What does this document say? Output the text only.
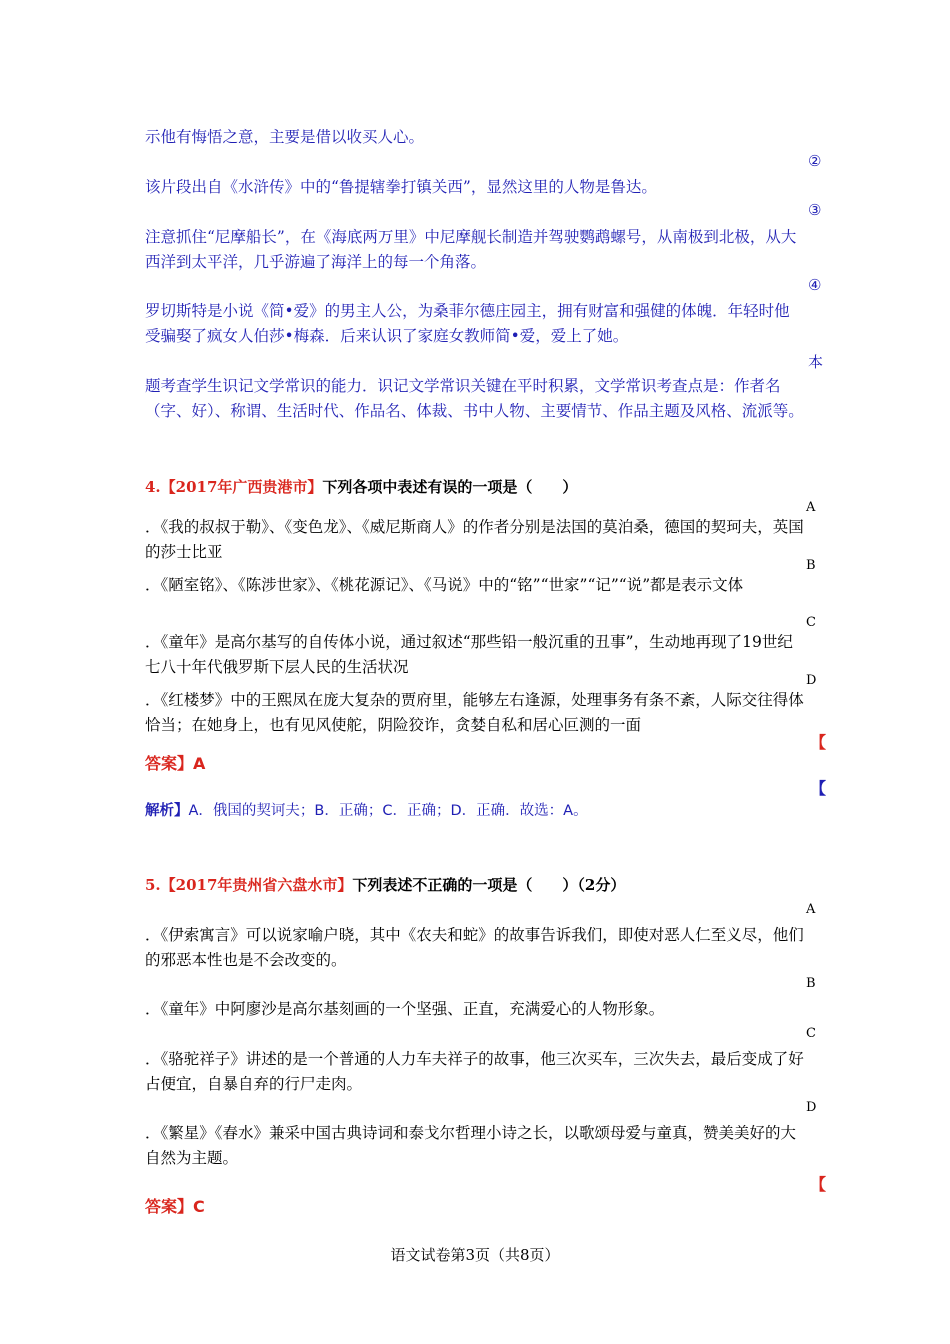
示他有悔悟之意，主要是借以收买人心。
②
该片段出自《水浒传》中的“鲁提辖拳打镇关西”，显然这里的人物是鲁达。
③
注意抓住“尼摩船长”，在《海底两万里》中尼摩舰长制造并驾驶鹦鹉螺号，从南极到北极，从大西洋到太平洋，几乎游遍了海洋上的每一个角落。
④
罗切斯特是小说《简•爱》的男主人公，为桑菲尔德庄园主，拥有财富和强健的体魄．年轻时他受骗娶了疯女人伯莎•梅森．后来认识了家庭女教师简•爱，爱上了她。
本
题考查学生识记文学常识的能力．识记文学常识关键在平时积累，文学常识考查点是：作者名（字、好）、称谓、生活时代、作品名、体裁、书中人物、主要情节、作品主题及风格、流派等。
4.【2017年广西贵港市】下列各项中表述有误的一项是（　　）
A
．《我的叔叔于勒》、《变色龙》、《威尼斯商人》的作者分别是法国的莫泊桑，德国的契珂夫，英国的莎士比亚
B
．《陋室铭》、《陈涉世家》、《桃花源记》、《马说》中的“铭”“世家”“记”“说”都是表示文体
C
．《童年》是高尔基写的自传体小说，通过叙述“那些铅一般沉重的丑事”，生动地再现了19世纪七八十年代俄罗斯下层人民的生活状况
D
．《红楼梦》中的王熙凤在庞大复杂的贾府里，能够左右逢源，处理事务有条不紊，人际交往得体恰当；在她身上，也有见风使舵，阴险狡诈，贪婪自私和居心叵测的一面
【
答案】A
【
解析】A．俄国的契诃夫；B．正确；C．正确；D．正确．故选：A。
5.【2017年贵州省六盘水市】下列表述不正确的一项是（　　）（2分）
A
．《伊索寓言》可以说家喻户晓，其中《农夫和蛇》的故事告诉我们，即使对恶人仁至义尽，他们的邪恶本性也是不会改变的。
B
．《童年》中阿廖沙是高尔基刻画的一个坚强、正直，充满爱心的人物形象。
C
．《骆驼祥子》讲述的是一个普通的人力车夫祥子的故事，他三次买车，三次失去，最后变成了好占便宜，自暴自弃的行尸走肉。
D
．《繁星》《春水》兼采中国古典诗词和泰戈尔哲理小诗之长，以歌颂母爱与童真，赞美美好的大自然为主题。
【
答案】C
语文试卷第3页（共8页）
